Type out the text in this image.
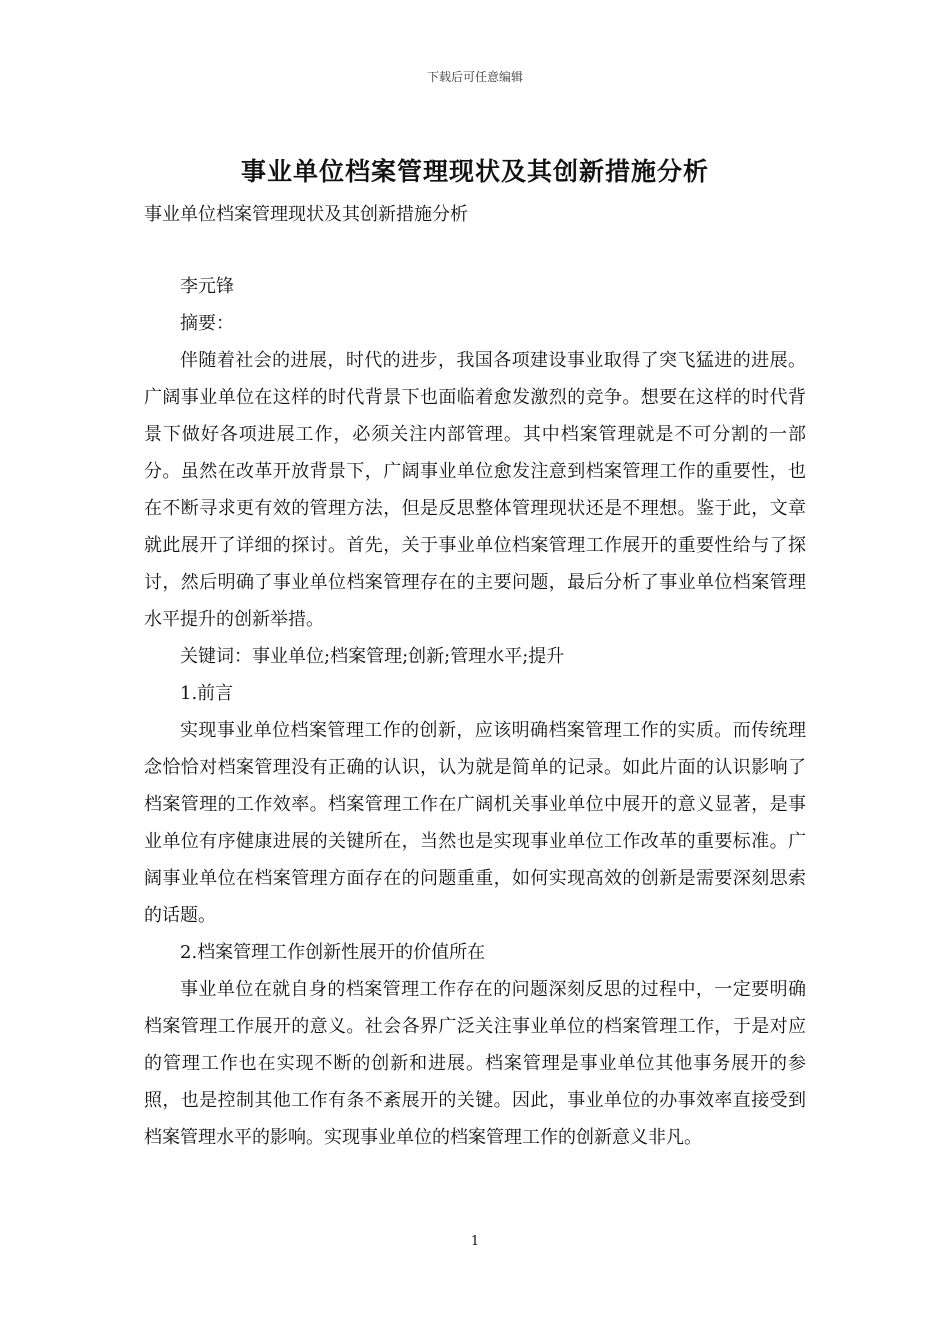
下载后可任意编辑
事业单位档案管理现状及其创新措施分析
事业单位档案管理现状及其创新措施分析

李元锋

摘要：

伴随着社会的进展，时代的进步，我国各项建设事业取得了突飞猛进的进展。广阔事业单位在这样的时代背景下也面临着愈发激烈的竞争。想要在这样的时代背景下做好各项进展工作，必须关注内部管理。其中档案管理就是不可分割的一部分。虽然在改革开放背景下，广阔事业单位愈发注意到档案管理工作的重要性，也在不断寻求更有效的管理方法，但是反思整体管理现状还是不理想。鉴于此，文章就此展开了详细的探讨。首先，关于事业单位档案管理工作展开的重要性给与了探讨，然后明确了事业单位档案管理存在的主要问题，最后分析了事业单位档案管理水平提升的创新举措。

关键词：事业单位;档案管理;创新;管理水平;提升

1.前言

实现事业单位档案管理工作的创新，应该明确档案管理工作的实质。而传统理念恰恰对档案管理没有正确的认识，认为就是简单的记录。如此片面的认识影响了档案管理的工作效率。档案管理工作在广阔机关事业单位中展开的意义显著，是事业单位有序健康进展的关键所在，当然也是实现事业单位工作改革的重要标准。广阔事业单位在档案管理方面存在的问题重重，如何实现高效的创新是需要深刻思索的话题。

2.档案管理工作创新性展开的价值所在

事业单位在就自身的档案管理工作存在的问题深刻反思的过程中，一定要明确档案管理工作展开的意义。社会各界广泛关注事业单位的档案管理工作，于是对应的管理工作也在实现不断的创新和进展。档案管理是事业单位其他事务展开的参照，也是控制其他工作有条不紊展开的关键。因此，事业单位的办事效率直接受到档案管理水平的影响。实现事业单位的档案管理工作的创新意义非凡。

1
